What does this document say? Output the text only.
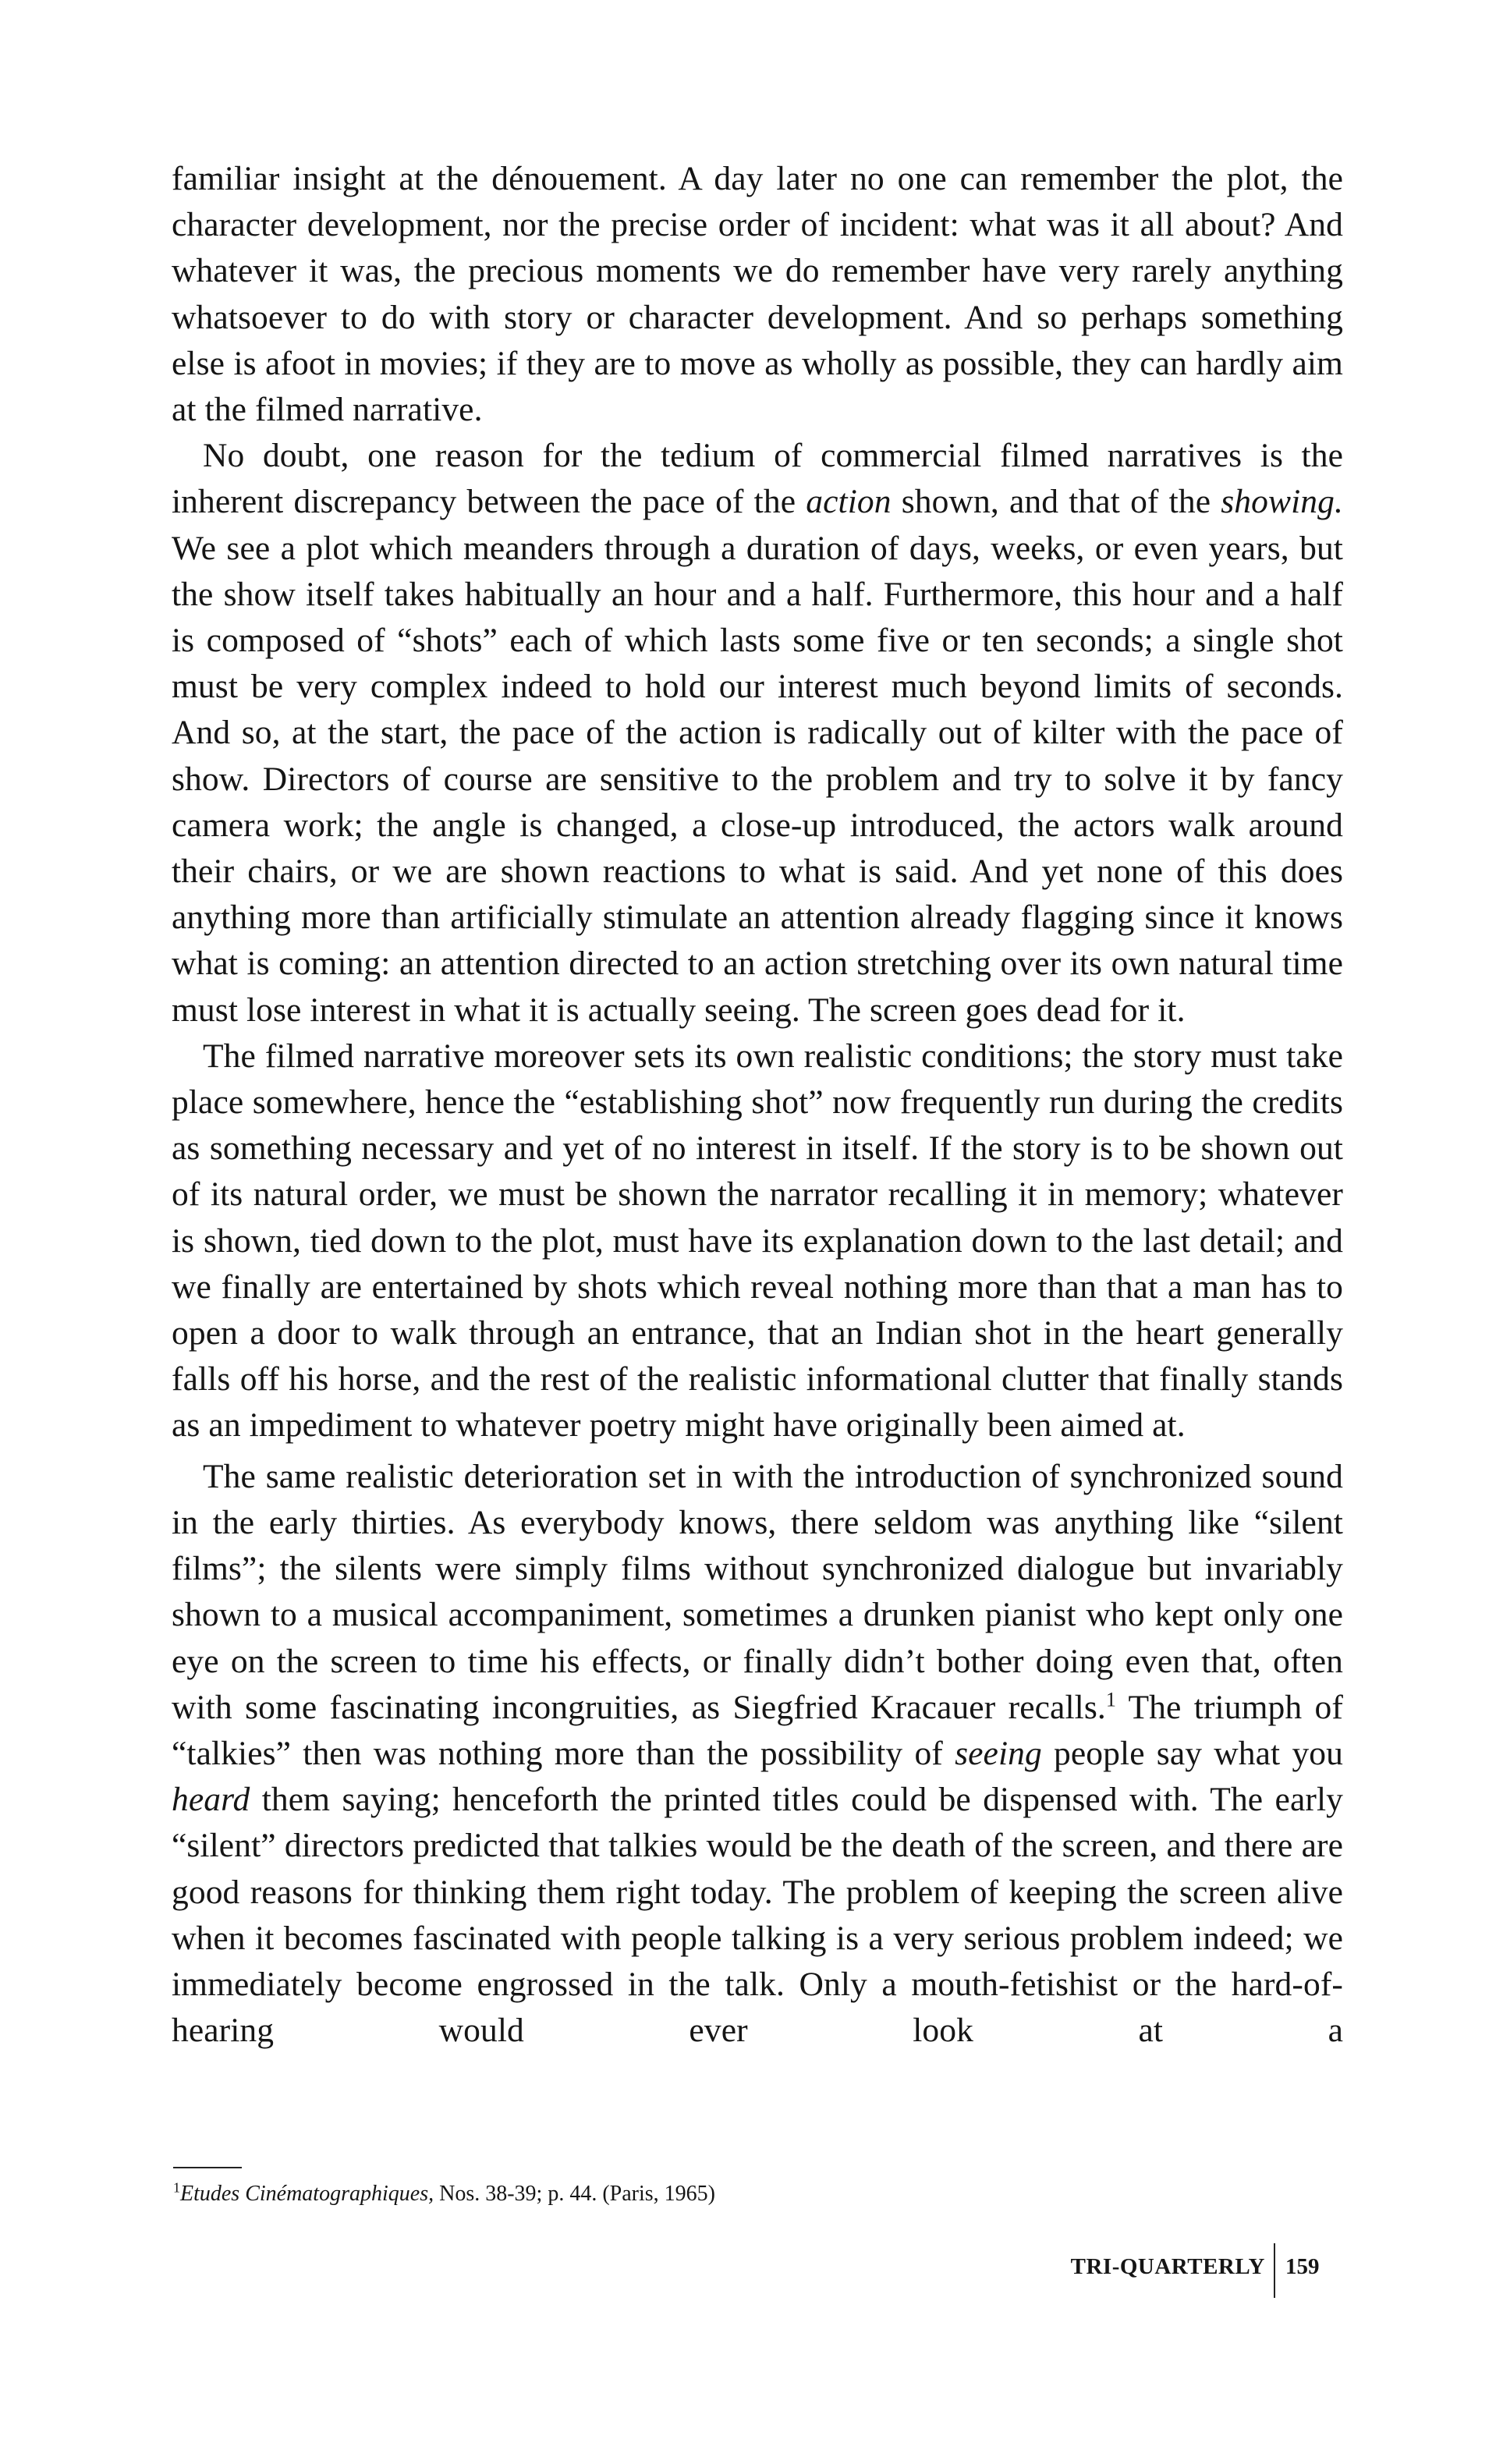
familiar insight at the dénouement. A day later no one can remember the plot, the character development, nor the precise order of incident: what was it all about? And whatever it was, the precious moments we do remember have very rarely anything whatsoever to do with story or character development. And so perhaps something else is afoot in movies; if they are to move as wholly as possible, they can hardly aim at the filmed narrative.

No doubt, one reason for the tedium of commercial filmed narratives is the inherent discrepancy between the pace of the action shown, and that of the showing. We see a plot which meanders through a duration of days, weeks, or even years, but the show itself takes habitually an hour and a half. Furthermore, this hour and a half is composed of “shots” each of which lasts some five or ten seconds; a single shot must be very complex indeed to hold our interest much beyond limits of seconds. And so, at the start, the pace of the action is radically out of kilter with the pace of show. Directors of course are sensitive to the problem and try to solve it by fancy camera work; the angle is changed, a close-up introduced, the actors walk around their chairs, or we are shown reactions to what is said. And yet none of this does anything more than artificially stimulate an attention already flagging since it knows what is coming: an attention directed to an action stretching over its own natural time must lose interest in what it is actually seeing. The screen goes dead for it.

The filmed narrative moreover sets its own realistic conditions; the story must take place somewhere, hence the “establishing shot” now frequently run during the credits as something necessary and yet of no interest in itself. If the story is to be shown out of its natural order, we must be shown the narrator recalling it in memory; whatever is shown, tied down to the plot, must have its explanation down to the last detail; and we finally are entertained by shots which reveal nothing more than that a man has to open a door to walk through an entrance, that an Indian shot in the heart generally falls off his horse, and the rest of the realistic informational clutter that finally stands as an impediment to whatever poetry might have originally been aimed at.

The same realistic deterioration set in with the introduction of synchronized sound in the early thirties. As everybody knows, there seldom was anything like “silent films”; the silents were simply films without synchronized dialogue but invariably shown to a musical accompaniment, sometimes a drunken pianist who kept only one eye on the screen to time his effects, or finally didn’t bother doing even that, often with some fascinating incongruities, as Siegfried Kracauer recalls.$^1$ The triumph of “talkies” then was nothing more than the possibility of seeing people say what you heard them saying; henceforth the printed titles could be dispensed with. The early “silent” directors predicted that talkies would be the death of the screen, and there are good reasons for thinking them right today. The problem of keeping the screen alive when it becomes fascinated with people talking is a very serious problem indeed; we immediately become engrossed in the talk. Only a mouth-fetishist or the hard-of-hearing would ever look at a

$^1$Etudes Cinématographiques, Nos. 38-39; p. 44. (Paris, 1965)
TRI-QUARTERLY 159
